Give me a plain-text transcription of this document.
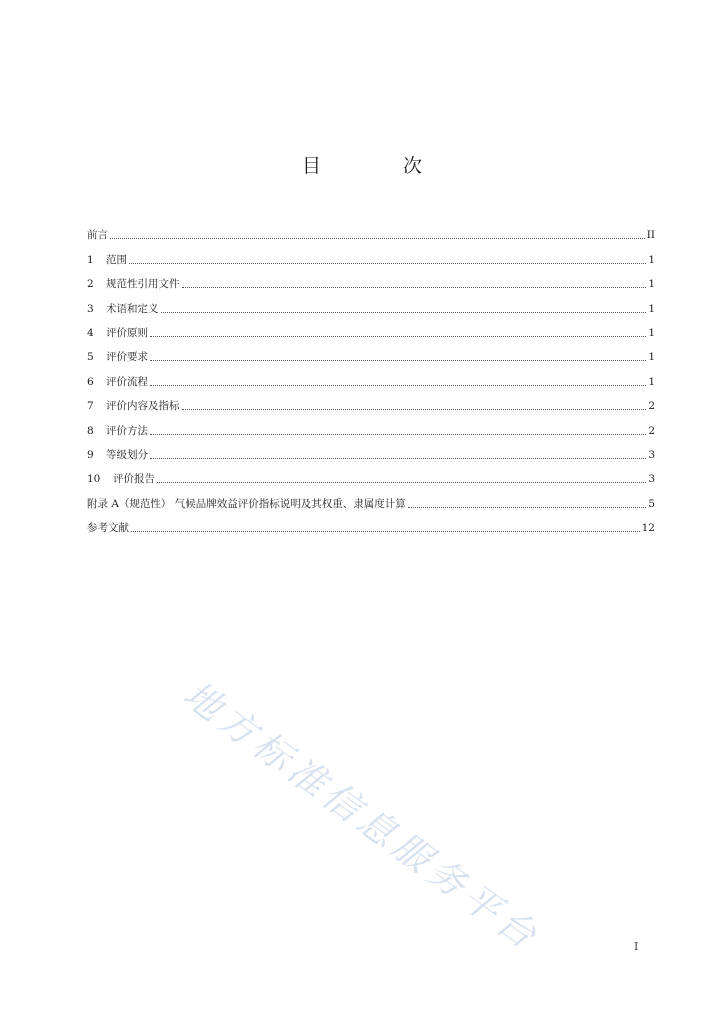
目 次
前言	II
1	范围	1
2	规范性引用文件	1
3	术语和定义	1
4	评价原则	1
5	评价要求	1
6	评价流程	1
7	评价内容及指标	2
8	评价方法	2
9	等级划分	3
10	评价报告	3
附录 A（规范性） 气候品牌效益评价指标说明及其权重、隶属度计算	5
参考文献	12
地方标准信息服务平台	I
